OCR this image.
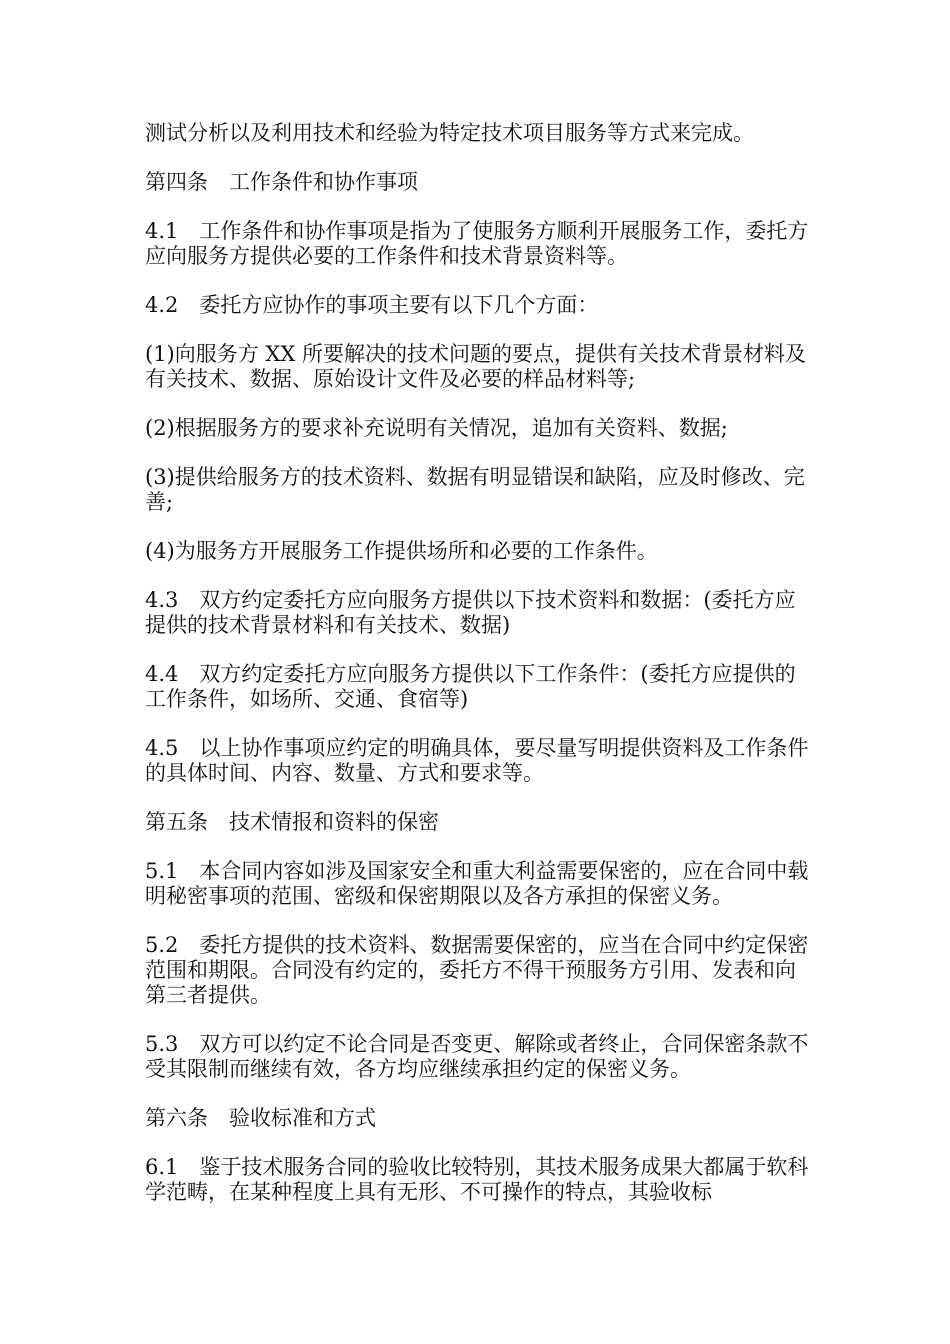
测试分析以及利用技术和经验为特定技术项目服务等方式来完成。

第四条　工作条件和协作事项

4.1　工作条件和协作事项是指为了使服务方顺利开展服务工作，委托方应向服务方提供必要的工作条件和技术背景资料等。

4.2　委托方应协作的事项主要有以下几个方面：

(1)向服务方 XX 所要解决的技术问题的要点，提供有关技术背景材料及有关技术、数据、原始设计文件及必要的样品材料等;

(2)根据服务方的要求补充说明有关情况，追加有关资料、数据;

(3)提供给服务方的技术资料、数据有明显错误和缺陷，应及时修改、完善;

(4)为服务方开展服务工作提供场所和必要的工作条件。

4.3　双方约定委托方应向服务方提供以下技术资料和数据：(委托方应提供的技术背景材料和有关技术、数据)

4.4　双方约定委托方应向服务方提供以下工作条件：(委托方应提供的工作条件，如场所、交通、食宿等)

4.5　以上协作事项应约定的明确具体，要尽量写明提供资料及工作条件的具体时间、内容、数量、方式和要求等。

第五条　技术情报和资料的保密

5.1　本合同内容如涉及国家安全和重大利益需要保密的，应在合同中载明秘密事项的范围、密级和保密期限以及各方承担的保密义务。

5.2　委托方提供的技术资料、数据需要保密的，应当在合同中约定保密范围和期限。合同没有约定的，委托方不得干预服务方引用、发表和向第三者提供。

5.3　双方可以约定不论合同是否变更、解除或者终止，合同保密条款不受其限制而继续有效，各方均应继续承担约定的保密义务。

第六条　验收标准和方式

6.1　鉴于技术服务合同的验收比较特别，其技术服务成果大都属于软科学范畴，在某种程度上具有无形、不可操作的特点，其验收标
